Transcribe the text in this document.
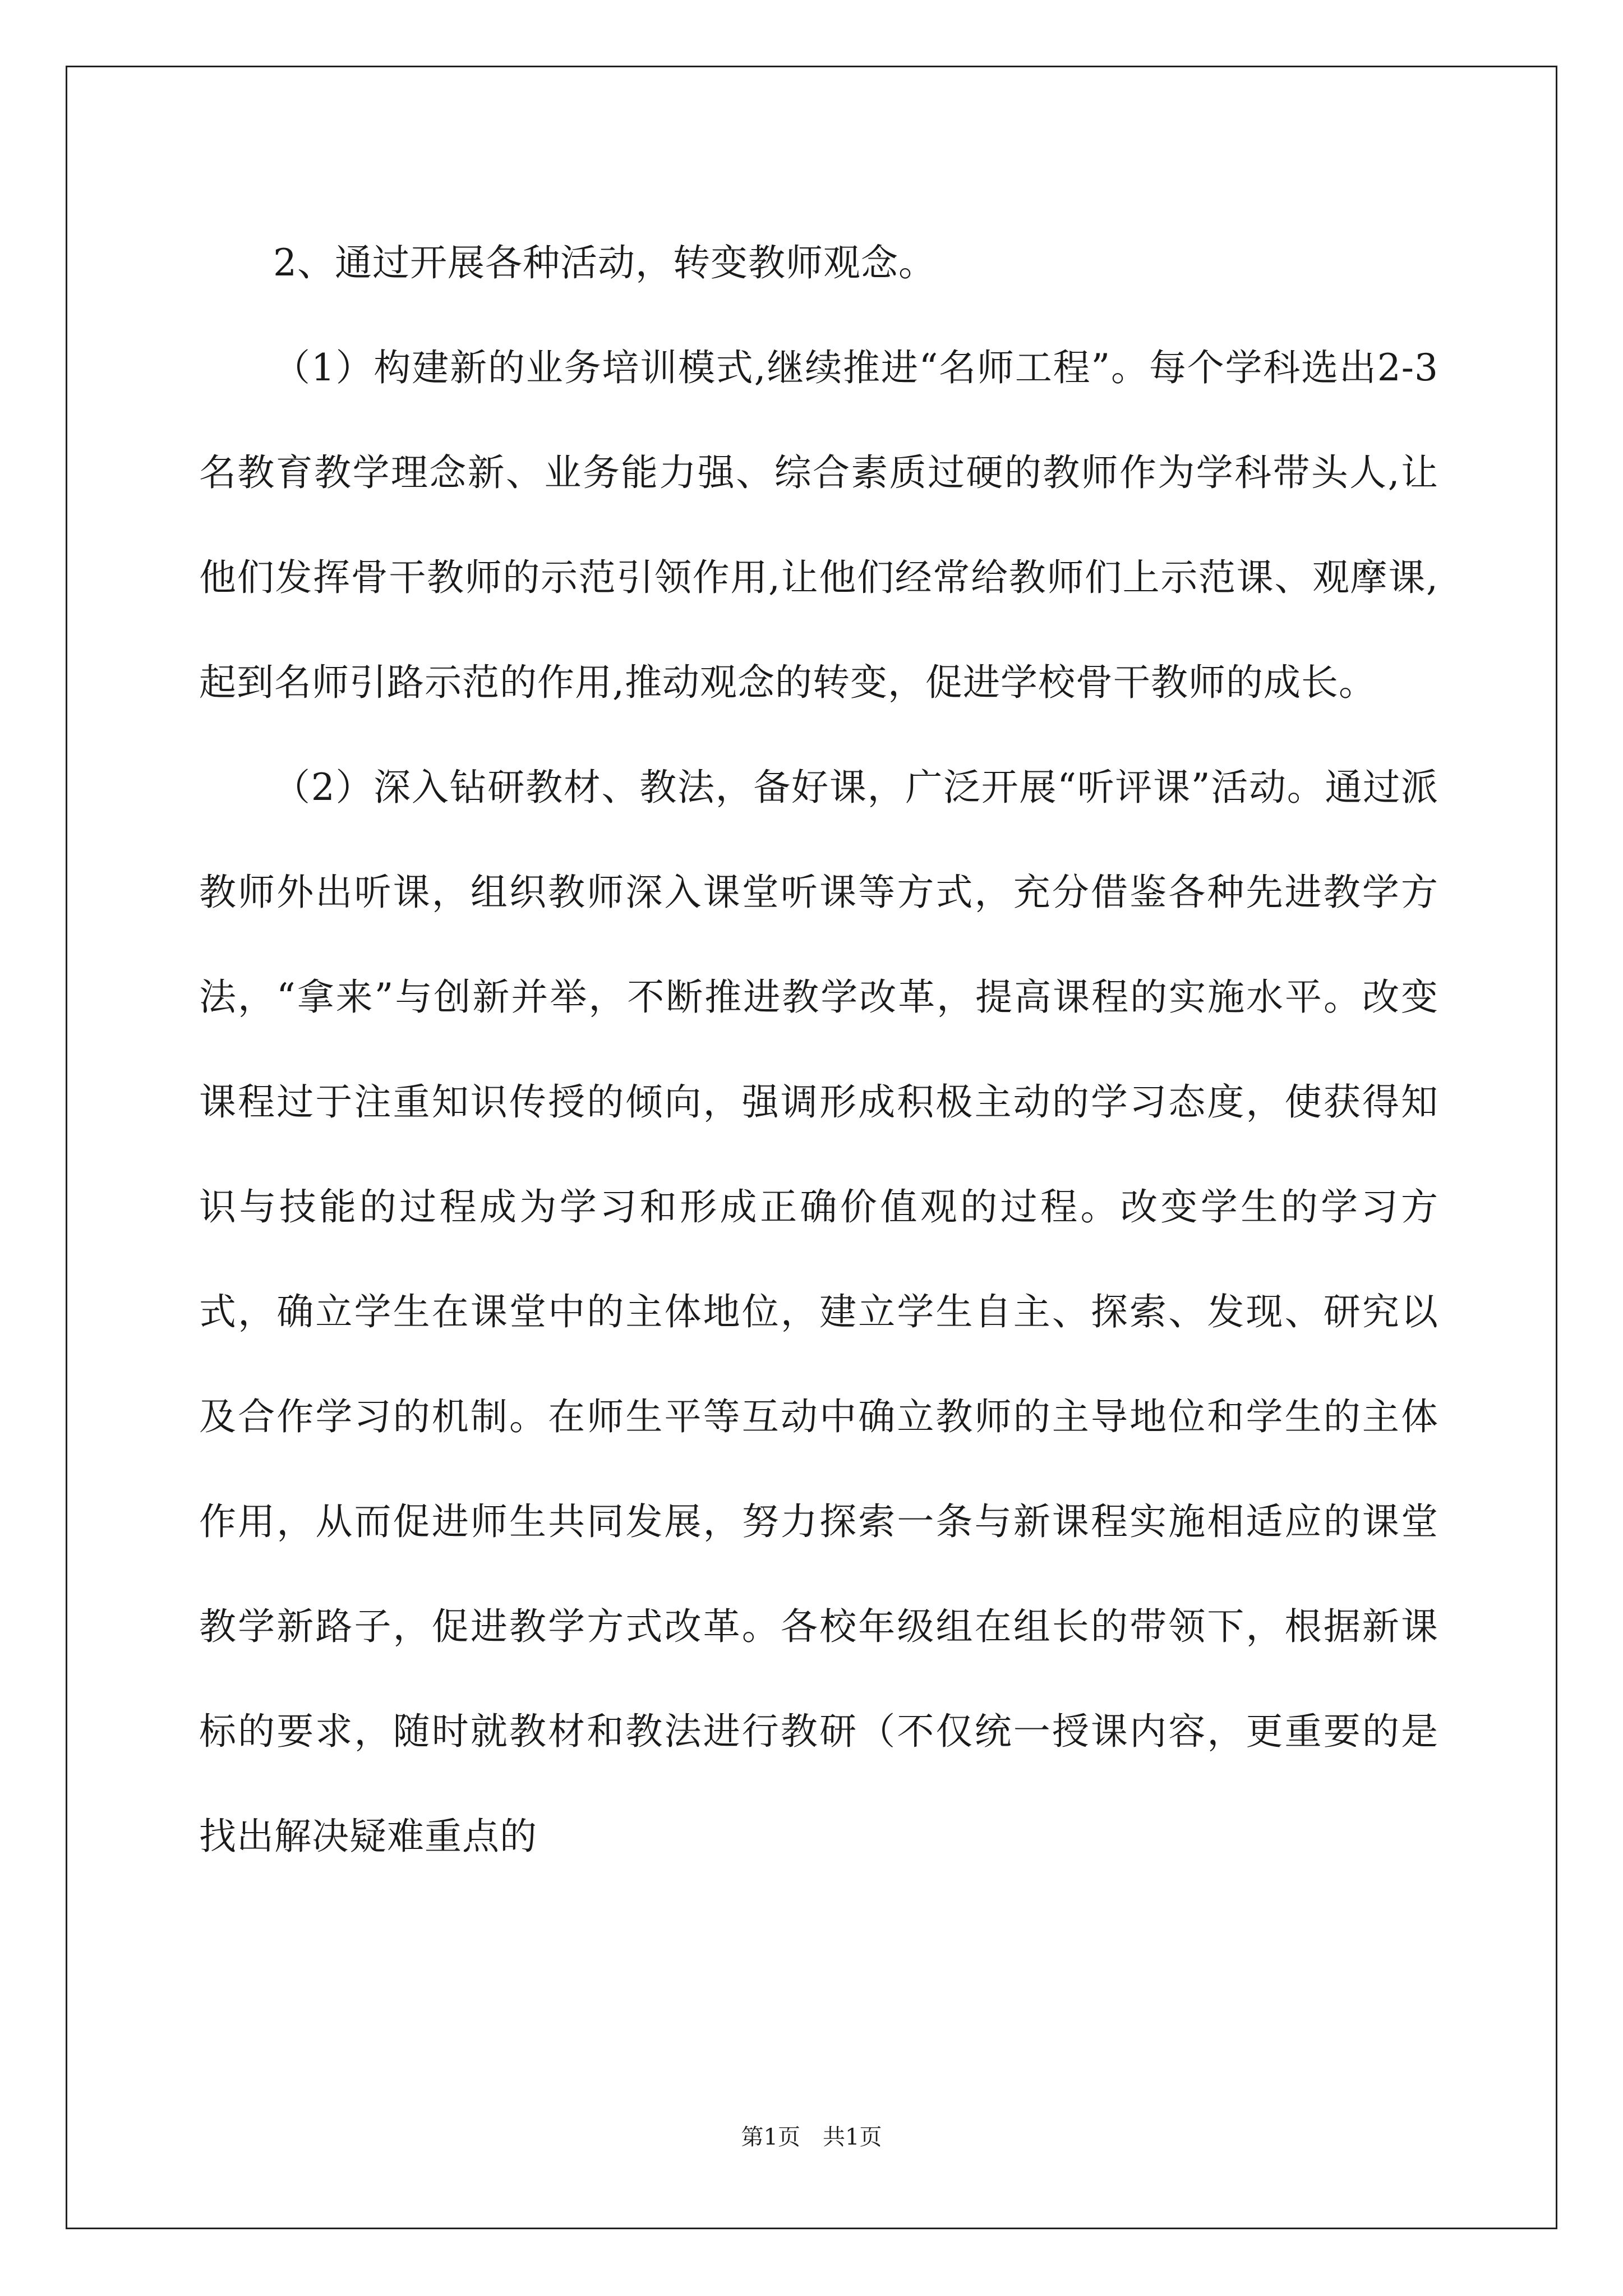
2、通过开展各种活动，转变教师观念。

（1）构建新的业务培训模式,继续推进“名师工程”。每个学科选出2-3名教育教学理念新、业务能力强、综合素质过硬的教师作为学科带头人,让他们发挥骨干教师的示范引领作用,让他们经常给教师们上示范课、观摩课,起到名师引路示范的作用,推动观念的转变，促进学校骨干教师的成长。

（2）深入钻研教材、教法，备好课，广泛开展“听评课”活动。通过派教师外出听课，组织教师深入课堂听课等方式，充分借鉴各种先进教学方法，“拿来”与创新并举，不断推进教学改革，提高课程的实施水平。改变课程过于注重知识传授的倾向，强调形成积极主动的学习态度，使获得知识与技能的过程成为学习和形成正确价值观的过程。改变学生的学习方式，确立学生在课堂中的主体地位，建立学生自主、探索、发现、研究以及合作学习的机制。在师生平等互动中确立教师的主导地位和学生的主体作用，从而促进师生共同发展，努力探索一条与新课程实施相适应的课堂教学新路子，促进教学方式改革。各校年级组在组长的带领下，根据新课标的要求，随时就教材和教法进行教研（不仅统一授课内容，更重要的是找出解决疑难重点的

第1页 共1页
